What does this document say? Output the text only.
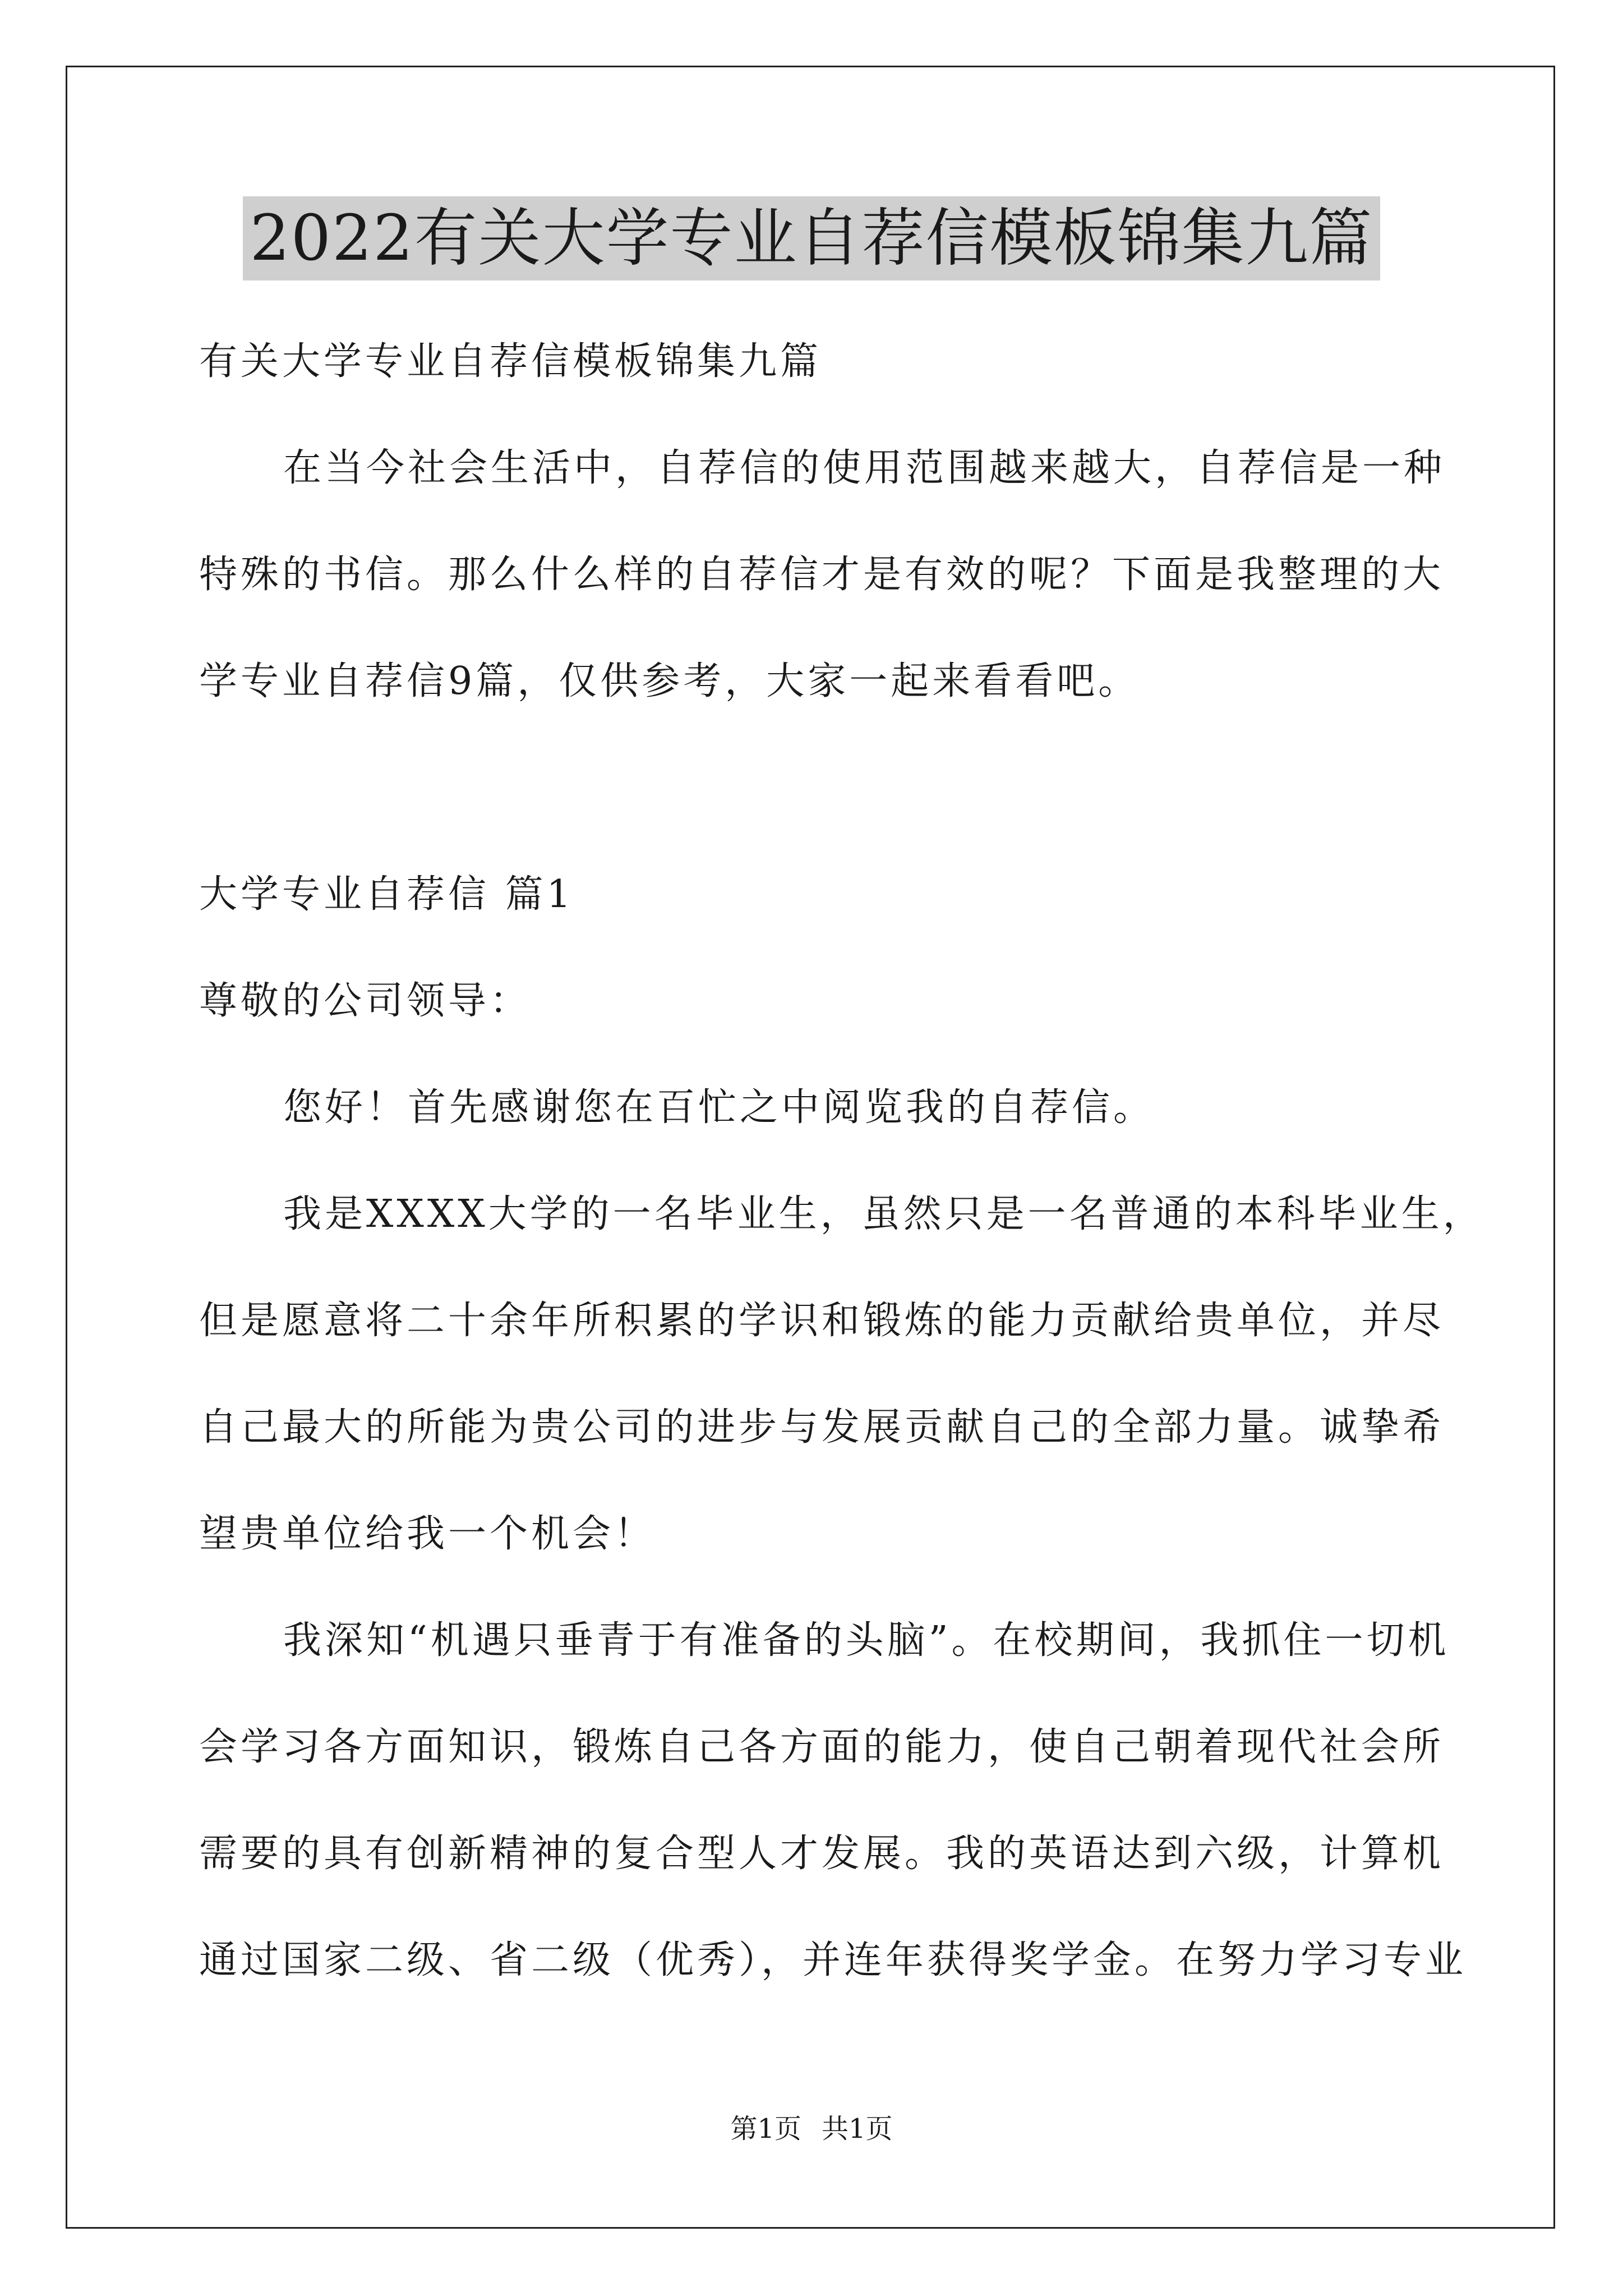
2022有关大学专业自荐信模板锦集九篇
有关大学专业自荐信模板锦集九篇
在当今社会生活中，自荐信的使用范围越来越大，自荐信是一种
特殊的书信。那么什么样的自荐信才是有效的呢？下面是我整理的大
学专业自荐信9篇，仅供参考，大家一起来看看吧。
大学专业自荐信 篇1
尊敬的公司领导：
您好！首先感谢您在百忙之中阅览我的自荐信。
我是XXXX大学的一名毕业生，虽然只是一名普通的本科毕业生，
但是愿意将二十余年所积累的学识和锻炼的能力贡献给贵单位，并尽
自己最大的所能为贵公司的进步与发展贡献自己的全部力量。诚挚希
望贵单位给我一个机会！
我深知“机遇只垂青于有准备的头脑”。在校期间，我抓住一切机
会学习各方面知识，锻炼自己各方面的能力，使自己朝着现代社会所
需要的具有创新精神的复合型人才发展。我的英语达到六级，计算机
通过国家二级、省二级（优秀），并连年获得奖学金。在努力学习专业
第1页 共1页
